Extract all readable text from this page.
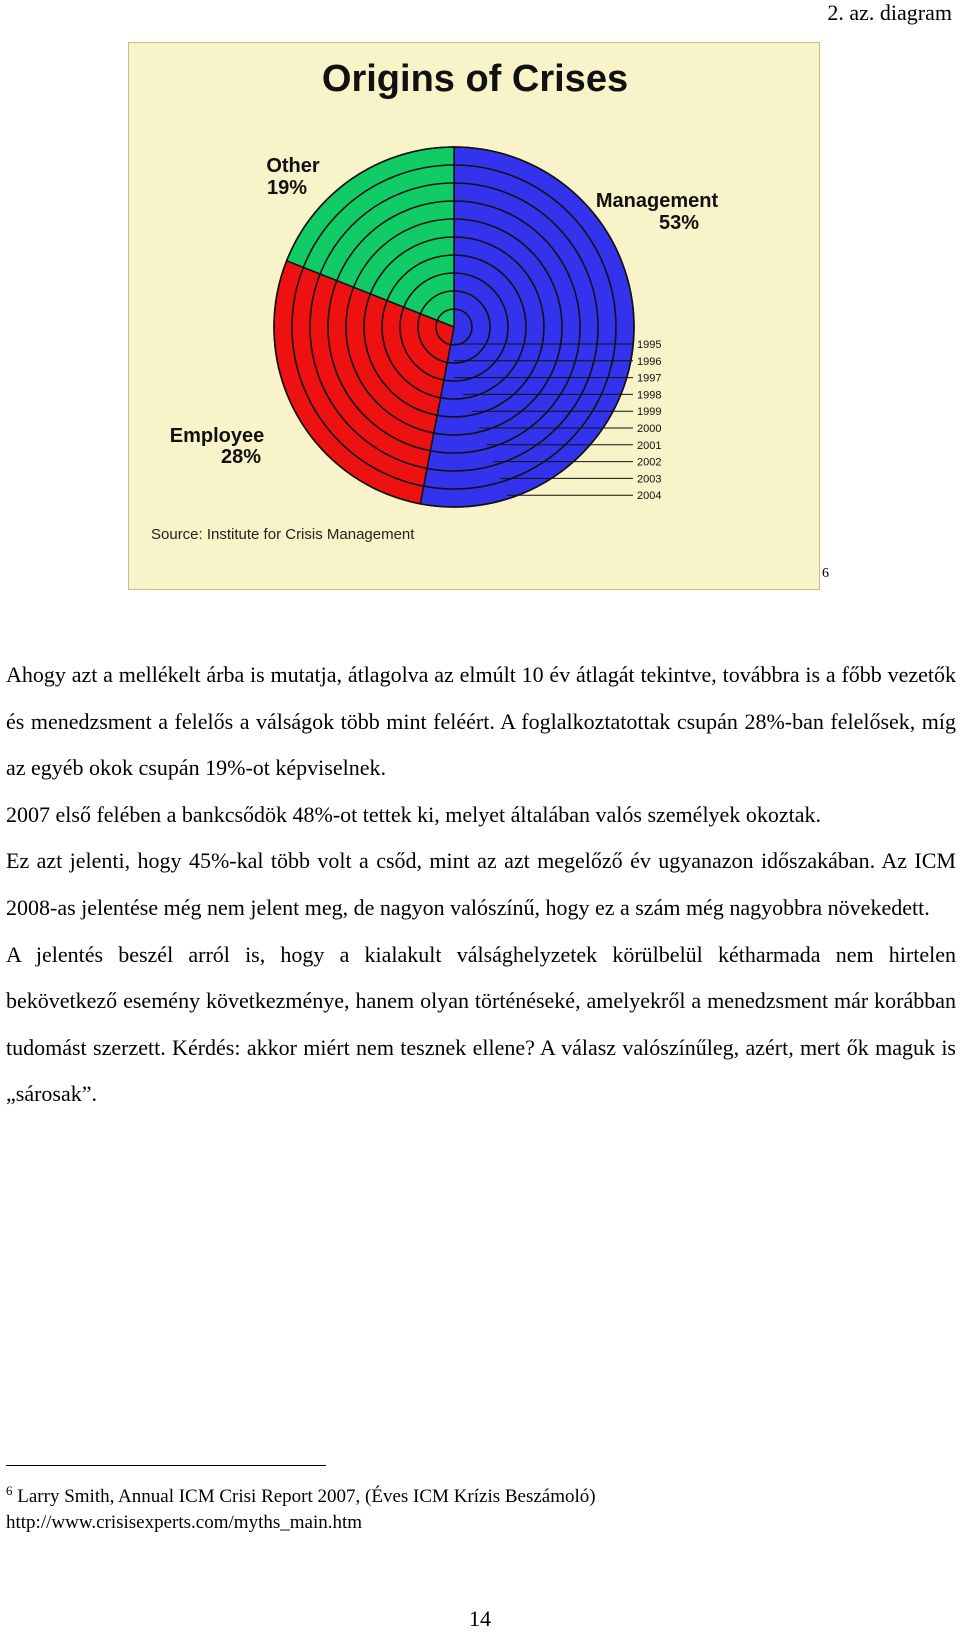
2. az. diagram
Origins of Crises
Management
53%
Other
19%
Employee
28%
1995
1996
1997
1998
1999
2000
2001
2002
2003
2004
Source: Institute for Crisis Management
6

Ahogy azt a mellékelt árba is mutatja, átlagolva az elmúlt 10 év átlagát tekintve, továbbra is a főbb vezetők és menedzsment a felelős a válságok több mint feléért. A foglalkoztatottak csupán 28%-ban felelősek, míg az egyéb okok csupán 19%-ot képviselnek.

2007 első felében a bankcsődök 48%-ot tettek ki, melyet általában valós személyek okoztak.

Ez azt jelenti, hogy 45%-kal több volt a csőd, mint az azt megelőző év ugyanazon időszakában. Az ICM 2008-as jelentése még nem jelent meg, de nagyon valószínű, hogy ez a szám még nagyobbra növekedett.

A jelentés beszél arról is, hogy a kialakult válsághelyzetek körülbelül kétharmada nem hirtelen bekövetkező esemény következménye, hanem olyan történéseké, amelyekről a menedzsment már korábban tudomást szerzett. Kérdés: akkor miért nem tesznek ellene? A válasz valószínűleg, azért, mert ők maguk is „sárosak”.

$^6$ Larry Smith, Annual ICM Crisi Report 2007, (Éves ICM Krízis Beszámoló)
http://www.crisisexperts.com/myths_main.htm
14
